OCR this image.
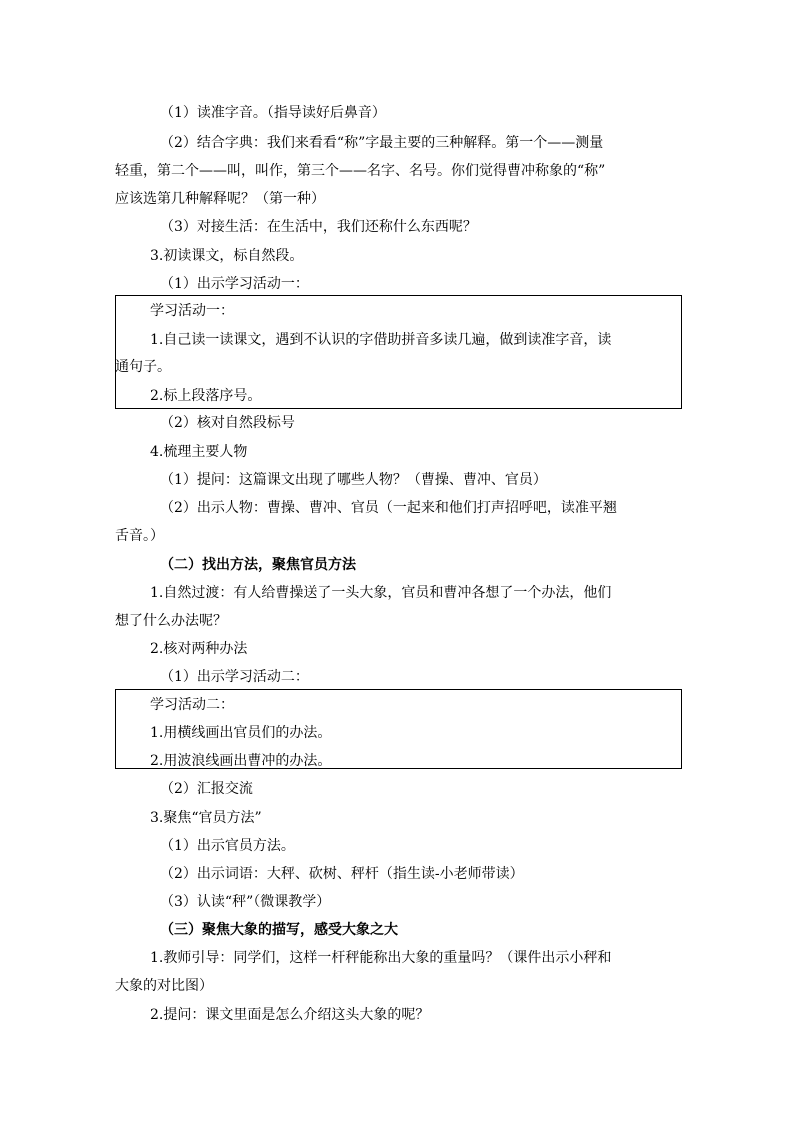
（1）读准字音。（指导读好后鼻音）
（2）结合字典：我们来看看“称”字最主要的三种解释。第一个——测量
轻重，第二个——叫，叫作，第三个——名字、名号。你们觉得曹冲称象的“称”
应该选第几种解释呢？（第一种）
（3）对接生活：在生活中，我们还称什么东西呢？
3.初读课文，标自然段。
（1）出示学习活动一：
学习活动一：
1.自己读一读课文，遇到不认识的字借助拼音多读几遍，做到读准字音，读
通句子。
2.标上段落序号。
（2）核对自然段标号
4.梳理主要人物
（1）提问：这篇课文出现了哪些人物？（曹操、曹冲、官员）
（2）出示人物：曹操、曹冲、官员（一起来和他们打声招呼吧，读准平翘
舌音。）
（二）找出方法，聚焦官员方法
1.自然过渡：有人给曹操送了一头大象，官员和曹冲各想了一个办法，他们
想了什么办法呢？
2.核对两种办法
（1）出示学习活动二：
学习活动二：
1.用横线画出官员们的办法。
2.用波浪线画出曹冲的办法。
（2）汇报交流
3.聚焦“官员方法”
（1）出示官员方法。
（2）出示词语：大秤、砍树、秤杆（指生读-小老师带读）
（3）认读“秤”（微课教学）
（三）聚焦大象的描写，感受大象之大
1.教师引导：同学们，这样一杆秤能称出大象的重量吗？（课件出示小秤和
大象的对比图）
2.提问：课文里面是怎么介绍这头大象的呢？
